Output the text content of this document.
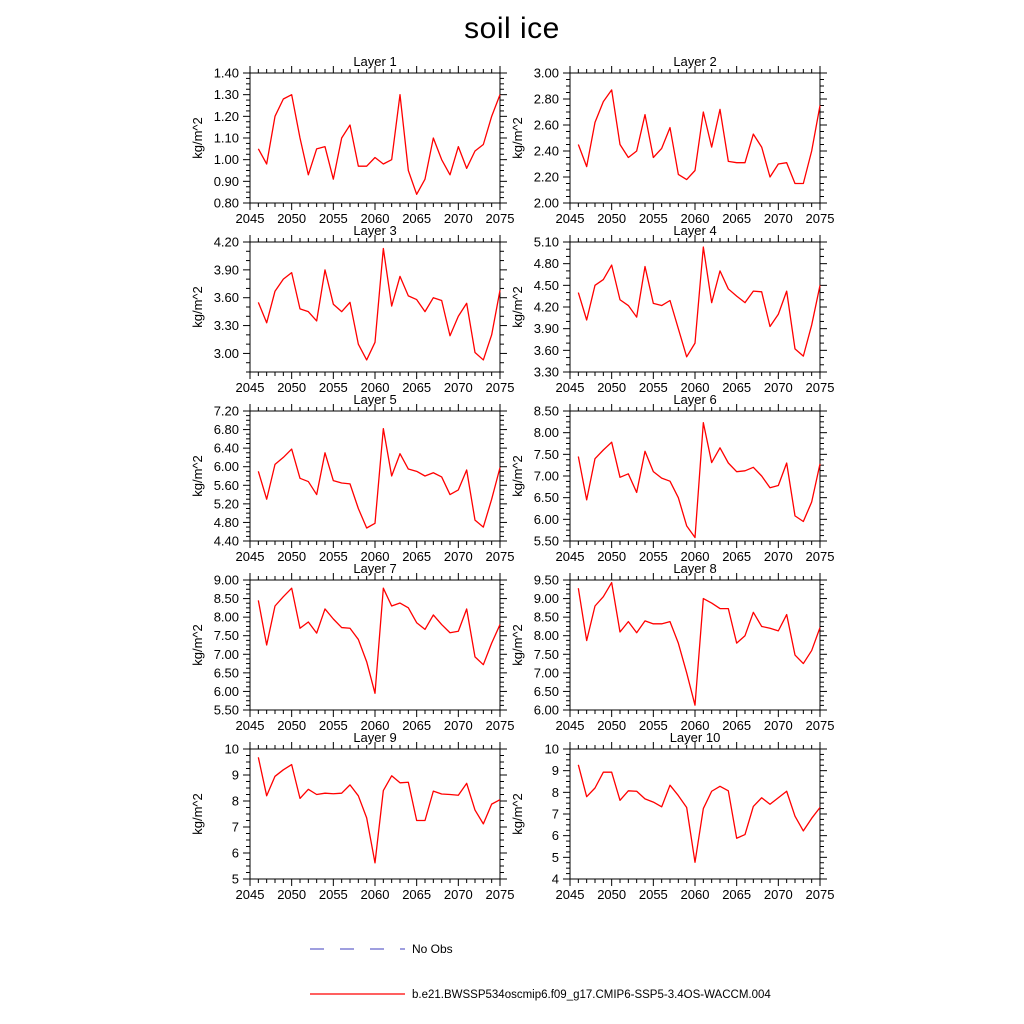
soil ice
Layer 1
kg/m^2
2045 2050 2055 2060 2065 2070 2075
0.80
0.90
1.00
1.10
1.20
1.30
1.40
Layer 2
kg/m^2
2045 2050 2055 2060 2065 2070 2075
2.00
2.20
2.40
2.60
2.80
3.00
Layer 3
kg/m^2
2045 2050 2055 2060 2065 2070 2075
3.00
3.30
3.60
3.90
4.20
Layer 4
kg/m^2
2045 2050 2055 2060 2065 2070 2075
3.30
3.60
3.90
4.20
4.50
4.80
5.10
Layer 5
kg/m^2
2045 2050 2055 2060 2065 2070 2075
4.40
4.80
5.20
5.60
6.00
6.40
6.80
7.20
Layer 6
kg/m^2
2045 2050 2055 2060 2065 2070 2075
5.50
6.00
6.50
7.00
7.50
8.00
8.50
Layer 7
kg/m^2
2045 2050 2055 2060 2065 2070 2075
5.50
6.00
6.50
7.00
7.50
8.00
8.50
9.00
Layer 8
kg/m^2
2045 2050 2055 2060 2065 2070 2075
6.00
6.50
7.00
7.50
8.00
8.50
9.00
9.50
Layer 9
kg/m^2
2045 2050 2055 2060 2065 2070 2075
5
6
7
8
9
10
Layer 10
kg/m^2
2045 2050 2055 2060 2065 2070 2075
4
5
6
7
8
9
10
No Obs
b.e21.BWSSP534oscmip6.f09_g17.CMIP6-SSP5-3.4OS-WACCM.004
